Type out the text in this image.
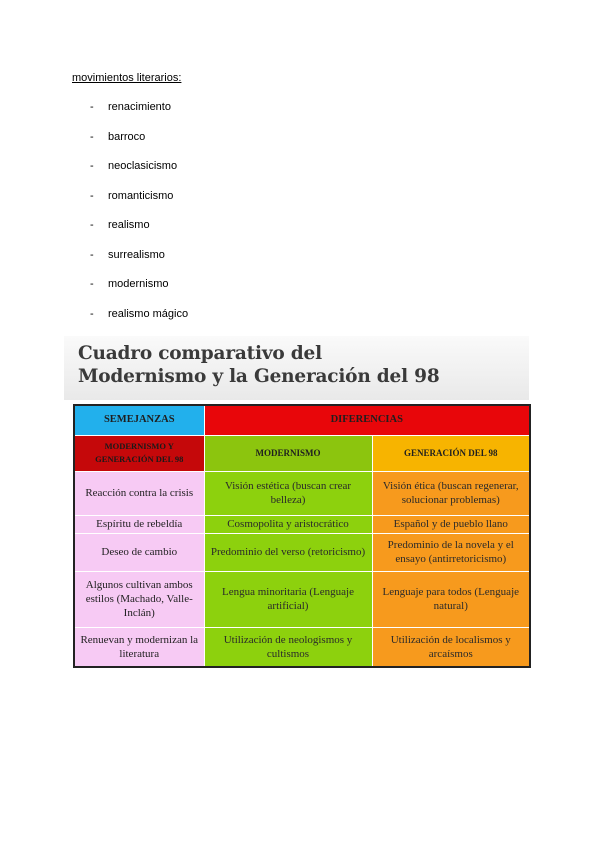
movimientos literarios:

- renacimiento
- barroco
- neoclasicismo
- romanticismo
- realismo
- surrealismo
- modernismo
- realismo mágico
Cuadro comparativo del
Modernismo y la Generación del 98
SEMEJANZAS	DIFERENCIAS	
MODERNISMO Y GENERACIÓN DEL 98	MODERNISMO	GENERACIÓN DEL 98
Reacción contra la crisis	Visión estética (buscan crear belleza)	Visión ética (buscan regenerar, solucionar problemas)
Espíritu de rebeldía	Cosmopolita y aristocrático	Español y de pueblo llano
Deseo de cambio	Predominio del verso (retoricismo)	Predominio de la novela y el ensayo (antirretoricismo)
Algunos cultivan ambos estilos (Machado, Valle-Inclán)	Lengua minoritaria (Lenguaje artificial)	Lenguaje para todos (Lenguaje natural)
Renuevan y modernizan la literatura	Utilización de neologismos y cultismos	Utilización de localismos y arcaísmos
